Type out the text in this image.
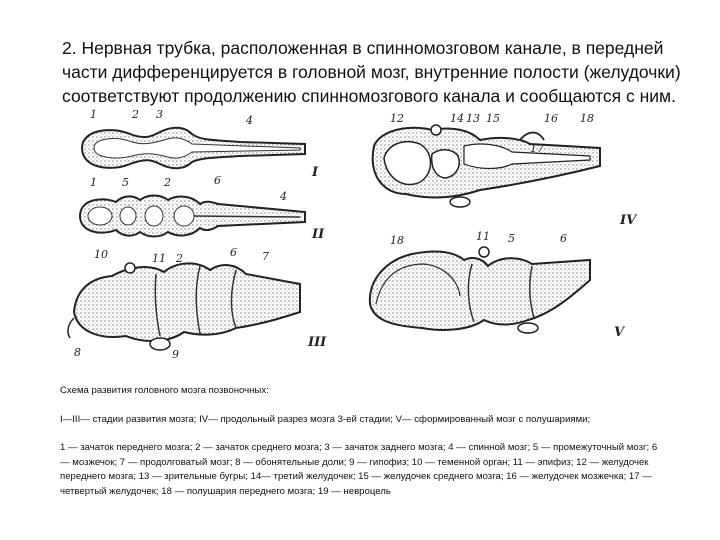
2. Нервная трубка, расположенная в спинномозговом канале, в передней части дифференцируется в головной мозг, внутренние полости (желудочки) соответствуют продолжению спинномозгового канала и сообщаются с ним.
I
II
III
IV
V
1	2 3	4
1 5	2	6
4
10	11 2	6 7
8	9
12	14 13 15	16
17
18
18	11 5	6

Схема развития головного мозга позвоночных:

I—III— стадии развития мозга; IV— продольный разрез мозга 3-ей стадии; V— сформированный мозг с полушариями;

1 — зачаток переднего мозга; 2 — зачаток среднего мозга; 3 — зачаток заднего мозга; 4 — спинной мозг; 5 — промежуточный мозг; 6— мозжечок; 7 — продолговатый мозг; 8 — обонятельные доли; 9 — гипофиз; 10 — теменной орган; 11 — эпифиз; 12 — желудочек переднего мозга; 13 — зрительные бугры; 14— третий желудочек; 15 — желудочек среднего мозга; 16 — желудочек мозжечка; 17 — четвертый желудочек; 18 — полушария переднего мозга; 19 — невроцель
